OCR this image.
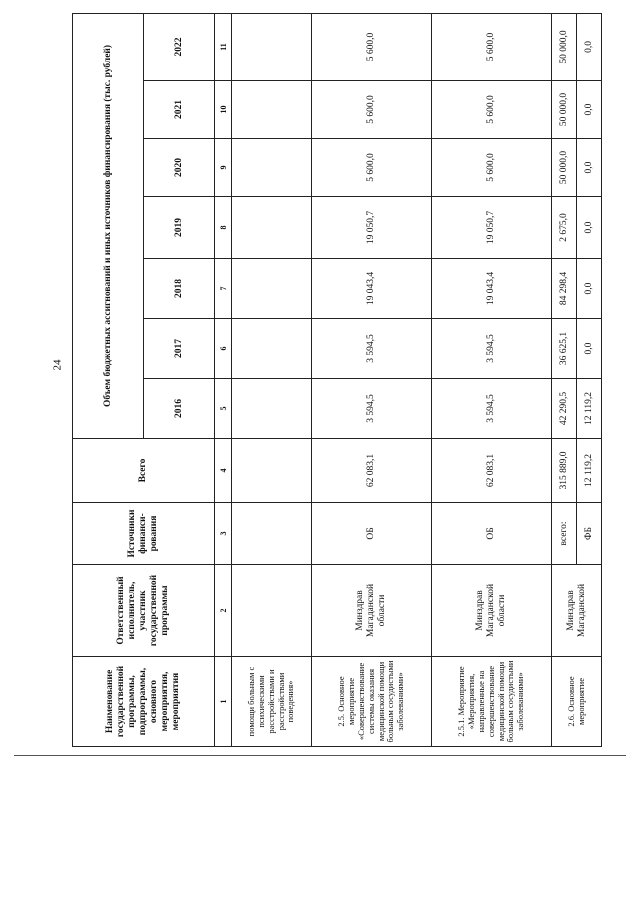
24
Наименование государственной программы, подпрограммы, основного мероприятия, мероприятия	Ответственный исполнитель, участник государственной программы	Источники финанси-рования	Всего	Объем бюджетных ассигнований и иных источников финансирования (тыс. рублей)						
				2016	2017	2018	2019	2020	2021	2022
1	2	3	4	5	6	7	8	9	10	11
помощи больным с психическими расстройствами и расстройствами поведения»										
2.5. Основное мероприятие «Совершенствование системы оказания медицинской помощи больным сосудистыми заболеваниями»	Минздрав Магаданской области	ОБ	62 083,1	3 594,5	3 594,5	19 043,4	19 050,7	5 600,0	5 600,0	5 600,0
2.5.1. Мероприятие «Мероприятия, направленные на совершенствование медицинской помощи больным сосудистыми заболеваниями»	Минздрав Магаданской области	ОБ	62 083,1	3 594,5	3 594,5	19 043,4	19 050,7	5 600,0	5 600,0	5 600,0
2.6. Основное мероприятие	Минздрав Магаданской	всего:	315 889,0	42 290,5	36 625,1	84 298,4	2 675,0	50 000,0	50 000,0	50 000,0
		ФБ	12 119,2	12 119,2	0,0	0,0	0,0	0,0	0,0	0,0
